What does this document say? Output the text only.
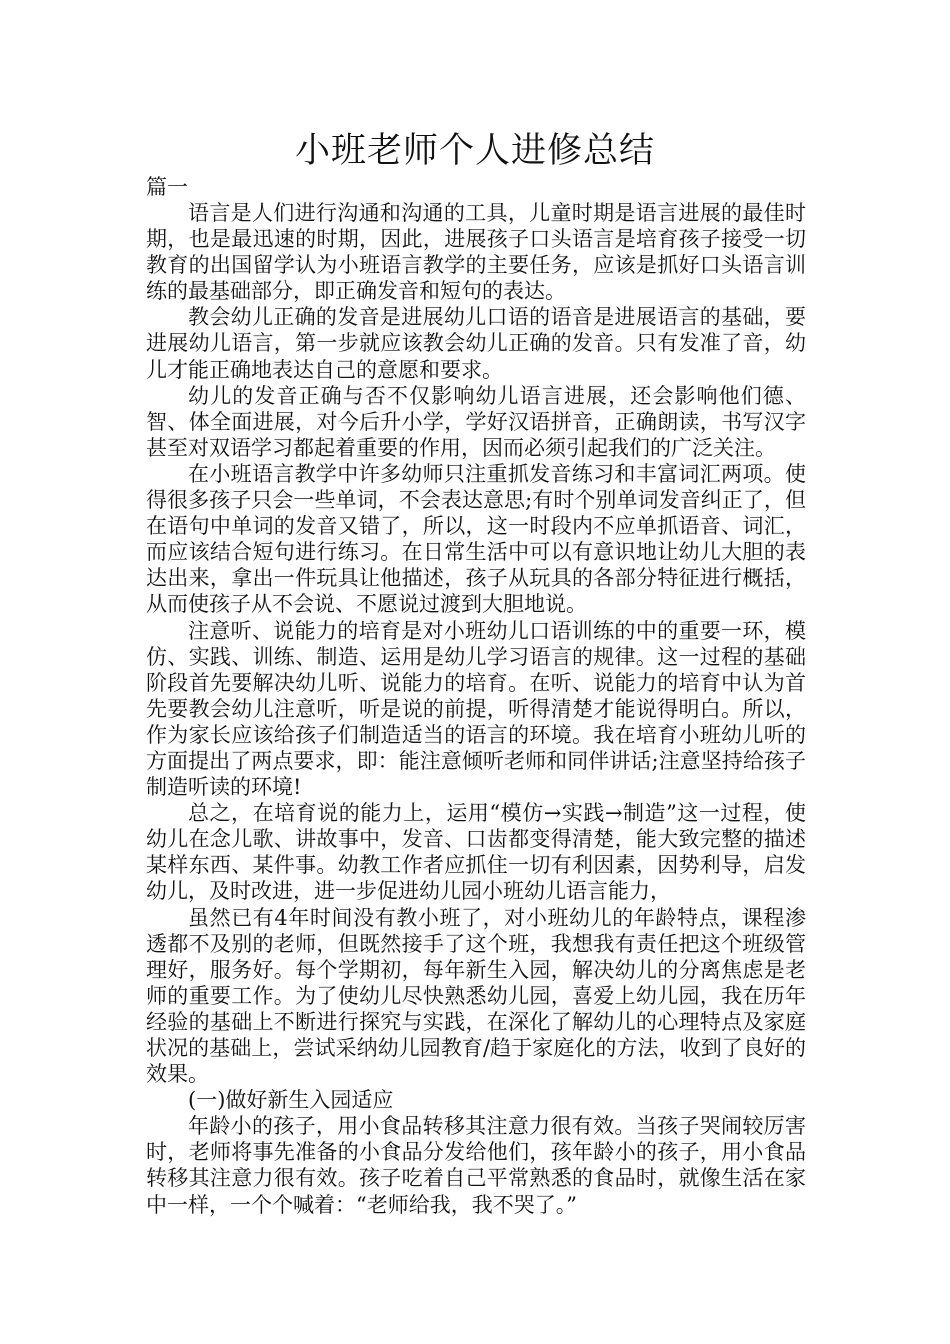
小班老师个人进修总结
篇一

语言是人们进行沟通和沟通的工具，儿童时期是语言进展的最佳时期，也是最迅速的时期，因此，进展孩子口头语言是培育孩子接受一切教育的出国留学认为小班语言教学的主要任务，应该是抓好口头语言训练的最基础部分，即正确发音和短句的表达。

教会幼儿正确的发音是进展幼儿口语的语音是进展语言的基础，要进展幼儿语言，第一步就应该教会幼儿正确的发音。只有发准了音，幼儿才能正确地表达自己的意愿和要求。

幼儿的发音正确与否不仅影响幼儿语言进展，还会影响他们德、智、体全面进展，对今后升小学，学好汉语拼音，正确朗读，书写汉字甚至对双语学习都起着重要的作用，因而必须引起我们的广泛关注。

在小班语言教学中许多幼师只注重抓发音练习和丰富词汇两项。使得很多孩子只会一些单词，不会表达意思;有时个别单词发音纠正了，但在语句中单词的发音又错了，所以，这一时段内不应单抓语音、词汇，而应该结合短句进行练习。在日常生活中可以有意识地让幼儿大胆的表达出来，拿出一件玩具让他描述，孩子从玩具的各部分特征进行概括，从而使孩子从不会说、不愿说过渡到大胆地说。

注意听、说能力的培育是对小班幼儿口语训练的中的重要一环，模仿、实践、训练、制造、运用是幼儿学习语言的规律。这一过程的基础阶段首先要解决幼儿听、说能力的培育。在听、说能力的培育中认为首先要教会幼儿注意听，听是说的前提，听得清楚才能说得明白。所以，作为家长应该给孩子们制造适当的语言的环境。我在培育小班幼儿听的方面提出了两点要求，即：能注意倾听老师和同伴讲话;注意坚持给孩子制造听读的环境!

总之，在培育说的能力上，运用“模仿→实践→制造”这一过程，使幼儿在念儿歌、讲故事中，发音、口齿都变得清楚，能大致完整的描述某样东西、某件事。幼教工作者应抓住一切有利因素，因势利导，启发幼儿，及时改进，进一步促进幼儿园小班幼儿语言能力，

虽然已有4年时间没有教小班了，对小班幼儿的年龄特点，课程渗透都不及别的老师，但既然接手了这个班，我想我有责任把这个班级管理好，服务好。每个学期初，每年新生入园，解决幼儿的分离焦虑是老师的重要工作。为了使幼儿尽快熟悉幼儿园，喜爱上幼儿园，我在历年经验的基础上不断进行探究与实践，在深化了解幼儿的心理特点及家庭状况的基础上，尝试采纳幼儿园教育/趋于家庭化的方法，收到了良好的效果。

(一)做好新生入园适应

年龄小的孩子，用小食品转移其注意力很有效。当孩子哭闹较厉害时，老师将事先准备的小食品分发给他们，孩年龄小的孩子，用小食品转移其注意力很有效。孩子吃着自己平常熟悉的食品时，就像生活在家中一样，一个个喊着：“老师给我，我不哭了。”
